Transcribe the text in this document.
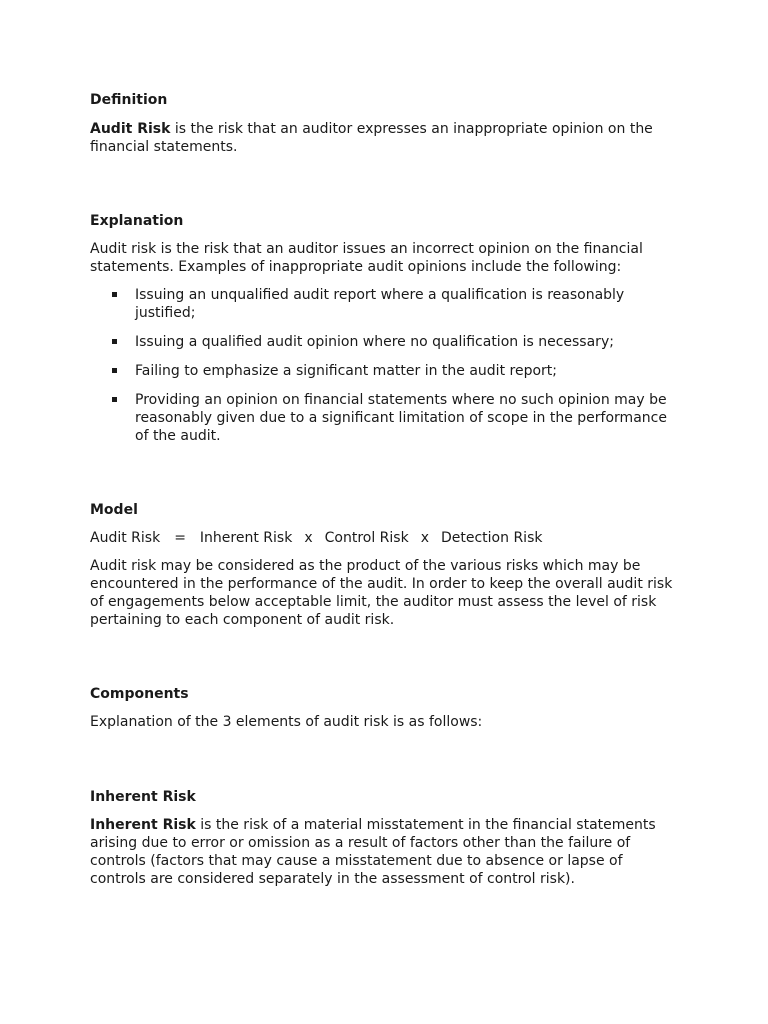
Definition

Audit Risk is the risk that an auditor expresses an inappropriate opinion on the financial statements.

Explanation

Audit risk is the risk that an auditor issues an incorrect opinion on the financial statements. Examples of inappropriate audit opinions include the following:

Issuing an unqualified audit report where a qualification is reasonably justified;
Issuing a qualified audit opinion where no qualification is necessary;
Failing to emphasize a significant matter in the audit report;
Providing an opinion on financial statements where no such opinion may be reasonably given due to a significant limitation of scope in the performance of the audit.
Model
Audit Risk = Inherent Risk x Control Risk x Detection Risk

Audit risk may be considered as the product of the various risks which may be encountered in the performance of the audit. In order to keep the overall audit risk of engagements below acceptable limit, the auditor must assess the level of risk pertaining to each component of audit risk.

Components

Explanation of the 3 elements of audit risk is as follows:

Inherent Risk

Inherent Risk is the risk of a material misstatement in the financial statements arising due to error or omission as a result of factors other than the failure of controls (factors that may cause a misstatement due to absence or lapse of controls are considered separately in the assessment of control risk).
